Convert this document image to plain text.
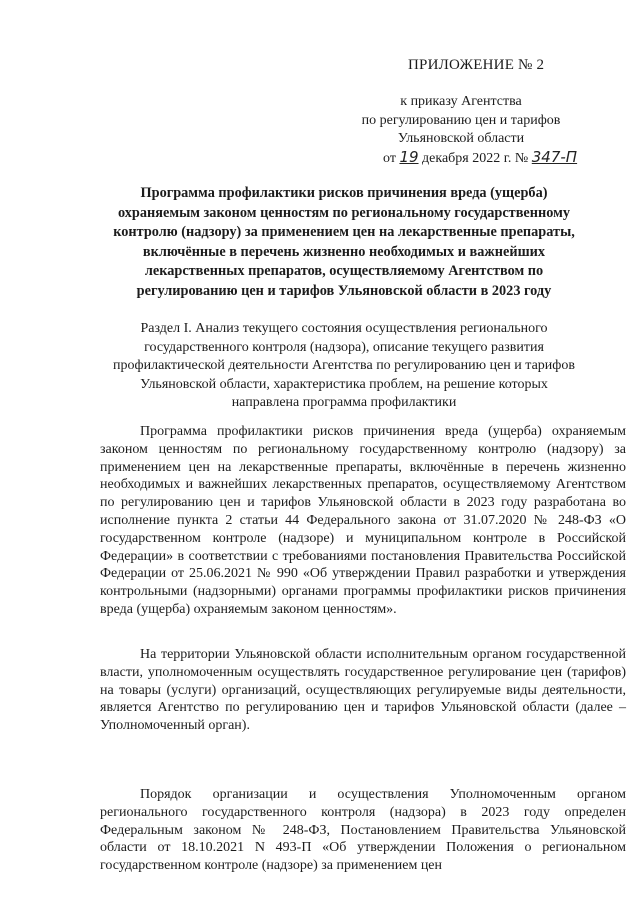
ПРИЛОЖЕНИЕ № 2
к приказу Агентства
по регулированию цен и тарифов
Ульяновской области
от 19 декабря 2022 г. № 347-П
Программа профилактики рисков причинения вреда (ущерба) охраняемым законом ценностям по региональному государственному контролю (надзору) за применением цен на лекарственные препараты, включённые в перечень жизненно необходимых и важнейших лекарственных препаратов, осуществляемому Агентством по регулированию цен и тарифов Ульяновской области в 2023 году
Раздел I. Анализ текущего состояния осуществления регионального государственного контроля (надзора), описание текущего развития профилактической деятельности Агентства по регулированию цен и тарифов Ульяновской области, характеристика проблем, на решение которых направлена программа профилактики

Программа профилактики рисков причинения вреда (ущерба) охраняемым законом ценностям по региональному государственному контролю (надзору) за применением цен на лекарственные препараты, включённые в перечень жизненно необходимых и важнейших лекарственных препаратов, осуществляемому Агентством по регулированию цен и тарифов Ульяновской области в 2023 году разработана во исполнение пункта 2 статьи 44 Федерального закона от 31.07.2020 № 248-ФЗ «О государственном контроле (надзоре) и муниципальном контроле в Российской Федерации» в соответствии с требованиями постановления Правительства Российской Федерации от 25.06.2021 № 990 «Об утверждении Правил разработки и утверждения контрольными (надзорными) органами программы профилактики рисков причинения вреда (ущерба) охраняемым законом ценностям».

На территории Ульяновской области исполнительным органом государственной власти, уполномоченным осуществлять государственное регулирование цен (тарифов) на товары (услуги) организаций, осуществляющих регулируемые виды деятельности, является Агентство по регулированию цен и тарифов Ульяновской области (далее – Уполномоченный орган).

Порядок организации и осуществления Уполномоченным органом регионального государственного контроля (надзора) в 2023 году определен Федеральным законом № 248-ФЗ, Постановлением Правительства Ульяновской области от 18.10.2021 N 493-П «Об утверждении Положения о региональном государственном контроле (надзоре) за применением цен
